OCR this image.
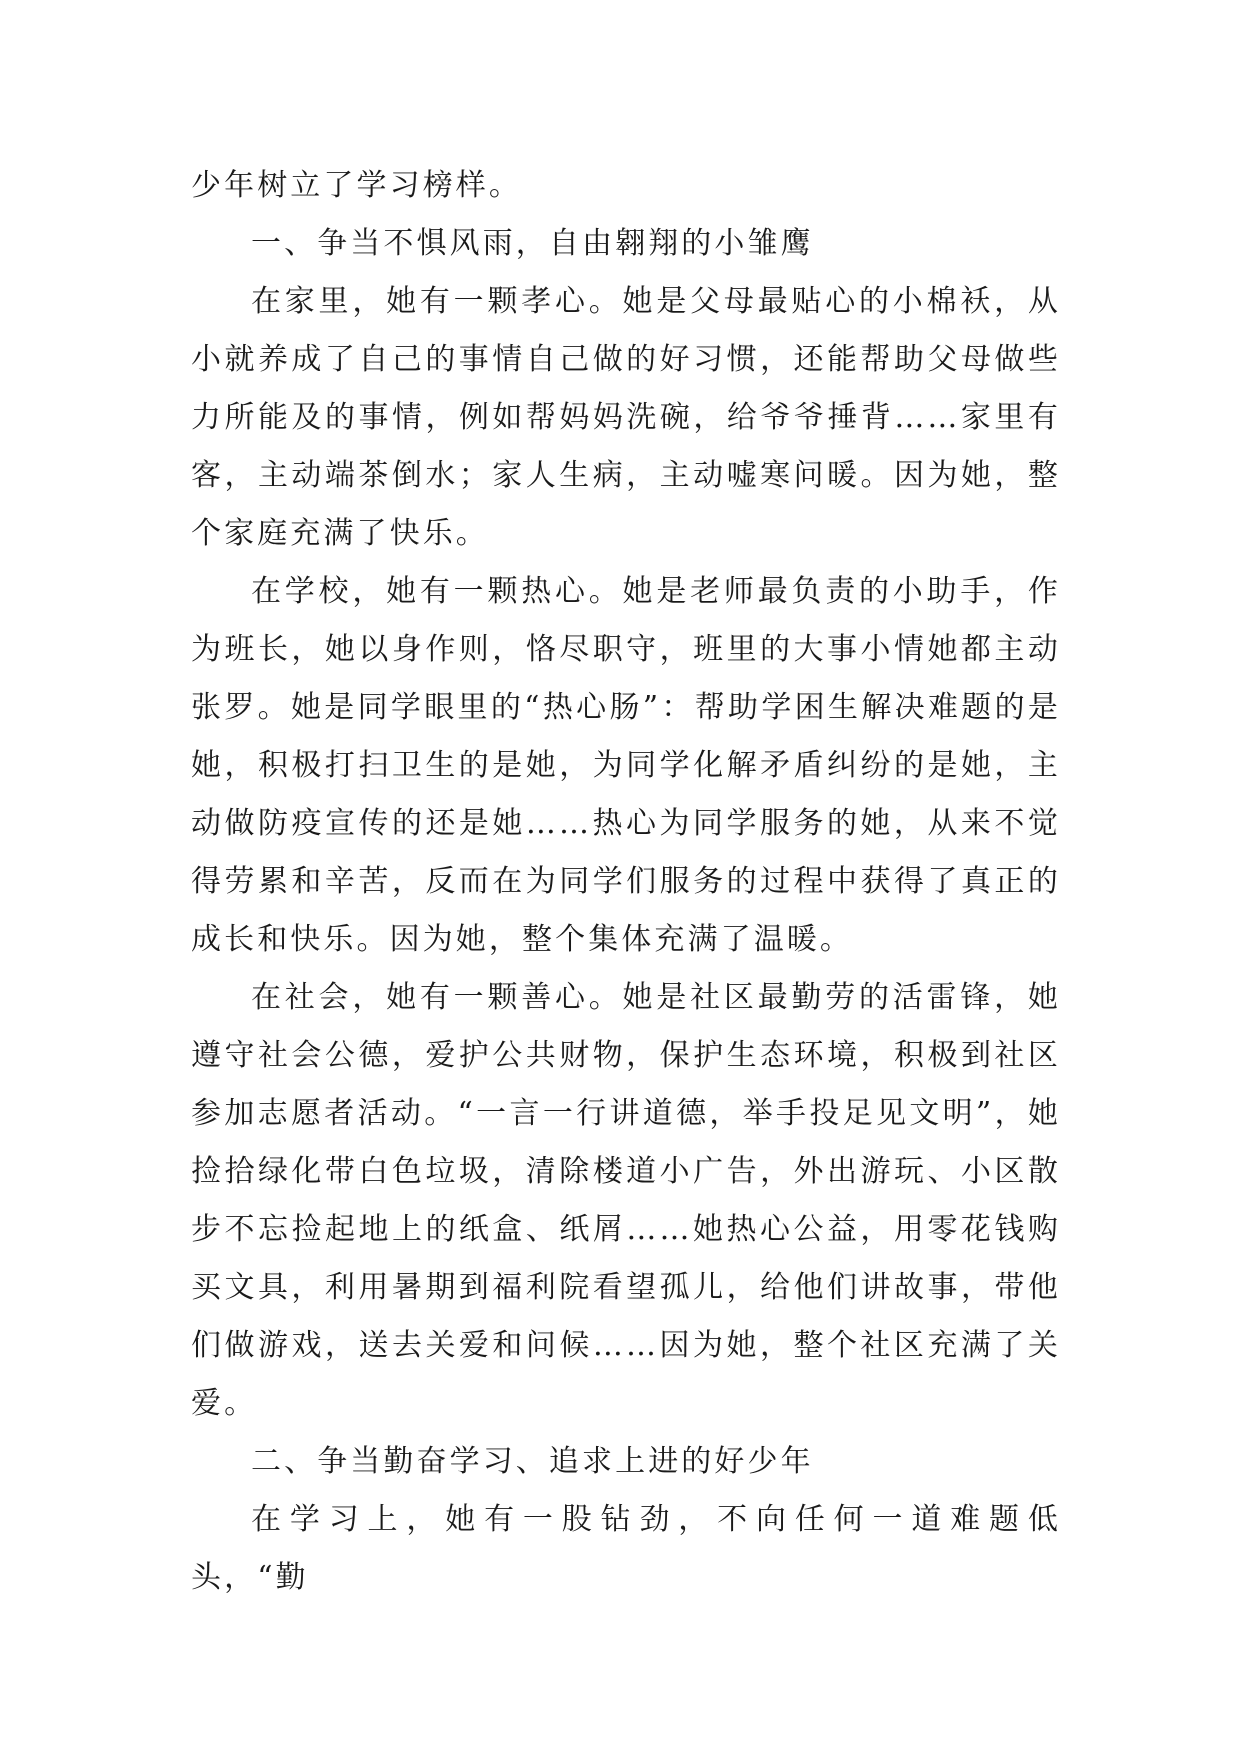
少年树立了学习榜样。

一、争当不惧风雨，自由翱翔的小雏鹰

在家里，她有一颗孝心。她是父母最贴心的小棉袄，从小就养成了自己的事情自己做的好习惯，还能帮助父母做些力所能及的事情，例如帮妈妈洗碗，给爷爷捶背……家里有客，主动端茶倒水；家人生病，主动嘘寒问暖。因为她，整个家庭充满了快乐。

在学校，她有一颗热心。她是老师最负责的小助手，作为班长，她以身作则，恪尽职守，班里的大事小情她都主动张罗。她是同学眼里的“热心肠”：帮助学困生解决难题的是她，积极打扫卫生的是她，为同学化解矛盾纠纷的是她，主动做防疫宣传的还是她……热心为同学服务的她，从来不觉得劳累和辛苦，反而在为同学们服务的过程中获得了真正的成长和快乐。因为她，整个集体充满了温暖。

在社会，她有一颗善心。她是社区最勤劳的活雷锋，她遵守社会公德，爱护公共财物，保护生态环境，积极到社区参加志愿者活动。“一言一行讲道德，举手投足见文明”，她捡拾绿化带白色垃圾，清除楼道小广告，外出游玩、小区散步不忘捡起地上的纸盒、纸屑……她热心公益，用零花钱购买文具，利用暑期到福利院看望孤儿，给他们讲故事，带他们做游戏，送去关爱和问候……因为她，整个社区充满了关爱。

二、争当勤奋学习、追求上进的好少年

在学习上，她有一股钻劲，不向任何一道难题低头，“勤
